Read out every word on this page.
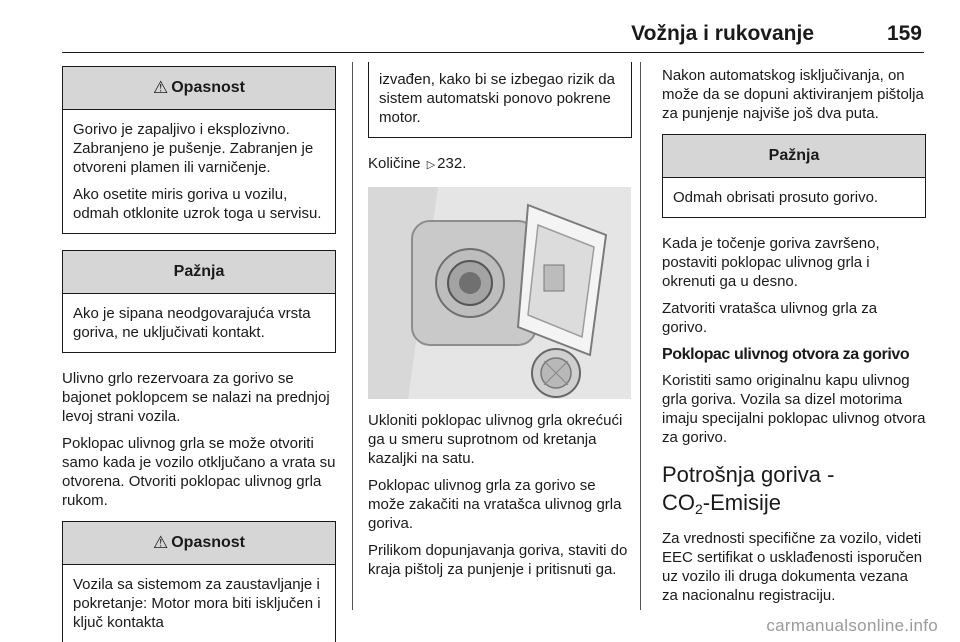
Vožnja i rukovanje	159
⚠ Opasnost

Gorivo je zapaljivo i eksplozivno. Zabranjeno je pušenje. Zabranjen je otvoreni plamen ili varničenje.

Ako osetite miris goriva u vozilu, odmah otklonite uzrok toga u servisu.

Pažnja

Ako je sipana neodgovarajuća vrsta goriva, ne uključivati kontakt.

Ulivno grlo rezervoara za gorivo se bajonet poklopcem se nalazi na prednjoj levoj strani vozila.

Poklopac ulivnog grla se može otvoriti samo kada je vozilo otključano a vrata su otvorena. Otvoriti poklopac ulivnog grla rukom.

⚠ Opasnost

Vozila sa sistemom za zaustavljanje i pokretanje: Motor mora biti isključen i ključ kontakta

izvađen, kako bi se izbegao rizik da sistem automatski ponovo pokrene motor.

Količine ▷ 232.

Ukloniti poklopac ulivnog grla okrećući ga u smeru suprotnom od kretanja kazaljki na satu.

Poklopac ulivnog grla za gorivo se može zakačiti na vratašca ulivnog grla goriva.

Prilikom dopunjavanja goriva, staviti do kraja pištolj za punjenje i pritisnuti ga.

Nakon automatskog isključivanja, on može da se dopuni aktiviranjem pištolja za punjenje najviše još dva puta.

Pažnja

Odmah obrisati prosuto gorivo.

Kada je točenje goriva završeno, postaviti poklopac ulivnog grla i okrenuti ga u desno.

Zatvoriti vratašca ulivnog grla za gorivo.

Poklopac ulivnog otvora za gorivo

Koristiti samo originalnu kapu ulivnog grla goriva. Vozila sa dizel motorima imaju specijalni poklopac ulivnog otvora za gorivo.

Potrošnja goriva -
$CO_2$-Emisije

Za vrednosti specifične za vozilo, videti EEC sertifikat o usklađenosti isporučen uz vozilo ili druga dokumenta vezana za nacionalnu registraciju.

carmanualsonline.info
